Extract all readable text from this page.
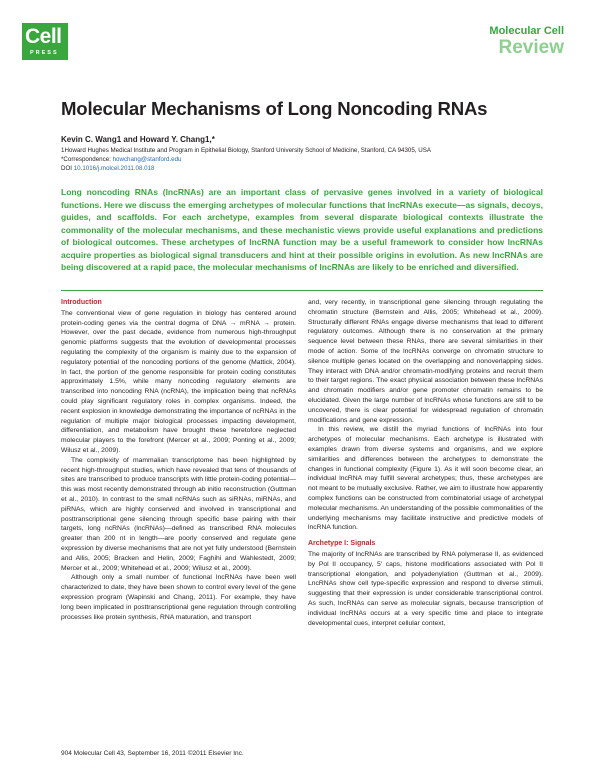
Cell
PRESS
Molecular Cell
Review
Molecular Mechanisms of Long Noncoding RNAs
Kevin C. Wang1 and Howard Y. Chang1,*
1Howard Hughes Medical Institute and Program in Epithelial Biology, Stanford University School of Medicine, Stanford, CA 94305, USA
*Correspondence: howchang@stanford.edu
DOI 10.1016/j.molcel.2011.08.018

Long noncoding RNAs (lncRNAs) are an important class of pervasive genes involved in a variety of biological functions. Here we discuss the emerging archetypes of molecular functions that lncRNAs execute—as signals, decoys, guides, and scaffolds. For each archetype, examples from several disparate biological contexts illustrate the commonality of the molecular mechanisms, and these mechanistic views provide useful explanations and predictions of biological outcomes. These archetypes of lncRNA function may be a useful framework to consider how lncRNAs acquire properties as biological signal transducers and hint at their possible origins in evolution. As new lncRNAs are being discovered at a rapid pace, the molecular mechanisms of lncRNAs are likely to be enriched and diversified.

Introduction

The conventional view of gene regulation in biology has centered around protein-coding genes via the central dogma of DNA → mRNA → protein. However, over the past decade, evidence from numerous high-throughput genomic platforms suggests that the evolution of developmental processes regulating the complexity of the organism is mainly due to the expansion of regulatory potential of the noncoding portions of the genome (Mattick, 2004). In fact, the portion of the genome responsible for protein coding constitutes approximately 1.5%, while many noncoding regulatory elements are transcribed into noncoding RNA (ncRNA), the implication being that ncRNAs could play significant regulatory roles in complex organisms. Indeed, the recent explosion in knowledge demonstrating the importance of ncRNAs in the regulation of multiple major biological processes impacting development, differentiation, and metabolism have brought these heretofore neglected molecular players to the forefront (Mercer et al., 2009; Ponting et al., 2009; Wilusz et al., 2009).

The complexity of mammalian transcriptome has been highlighted by recent high-throughput studies, which have revealed that tens of thousands of sites are transcribed to produce transcripts with little protein-coding potential—this was most recently demonstrated through ab initio reconstruction (Guttman et al., 2010). In contrast to the small ncRNAs such as siRNAs, miRNAs, and piRNAs, which are highly conserved and involved in transcriptional and posttranscriptional gene silencing through specific base pairing with their targets, long ncRNAs (lncRNAs)—defined as transcribed RNA molecules greater than 200 nt in length—are poorly conserved and regulate gene expression by diverse mechanisms that are not yet fully understood (Bernstein and Allis, 2005; Bracken and Helin, 2009; Faghihi and Wahlestedt, 2009; Mercer et al., 2009; Whitehead et al., 2009; Wilusz et al., 2009).

Although only a small number of functional lncRNAs have been well characterized to date, they have been shown to control every level of the gene expression program (Wapinski and Chang, 2011). For example, they have long been implicated in posttranscriptional gene regulation through controlling processes like protein synthesis, RNA maturation, and transport

and, very recently, in transcriptional gene silencing through regulating the chromatin structure (Bernstein and Allis, 2005; Whitehead et al., 2009). Structurally different RNAs engage diverse mechanisms that lead to different regulatory outcomes. Although there is no conservation at the primary sequence level between these RNAs, there are several similarities in their mode of action. Some of the lncRNAs converge on chromatin structure to silence multiple genes located on the overlapping and nonoverlapping sides. They interact with DNA and/or chromatin-modifying proteins and recruit them to their target regions. The exact physical association between these lncRNAs and chromatin modifiers and/or gene promoter chromatin remains to be elucidated. Given the large number of lncRNAs whose functions are still to be uncovered, there is clear potential for widespread regulation of chromatin modifications and gene expression.

In this review, we distill the myriad functions of lncRNAs into four archetypes of molecular mechanisms. Each archetype is illustrated with examples drawn from diverse systems and organisms, and we explore similarities and differences between the archetypes to demonstrate the changes in functional complexity (Figure 1). As it will soon become clear, an individual lncRNA may fulfill several archetypes; thus, these archetypes are not meant to be mutually exclusive. Rather, we aim to illustrate how apparently complex functions can be constructed from combinatorial usage of archetypal molecular mechanisms. An understanding of the possible commonalities of the underlying mechanisms may facilitate instructive and predictive models of lncRNA function.

Archetype I: Signals

The majority of lncRNAs are transcribed by RNA polymerase II, as evidenced by Pol II occupancy, 5′ caps, histone modifications associated with Pol II transcriptional elongation, and polyadenylation (Guttman et al., 2009). LncRNAs show cell type-specific expression and respond to diverse stimuli, suggesting that their expression is under considerable transcriptional control. As such, lncRNAs can serve as molecular signals, because transcription of individual lncRNAs occurs at a very specific time and place to integrate developmental cues, interpret cellular context,

904 Molecular Cell 43, September 16, 2011 ©2011 Elsevier Inc.
